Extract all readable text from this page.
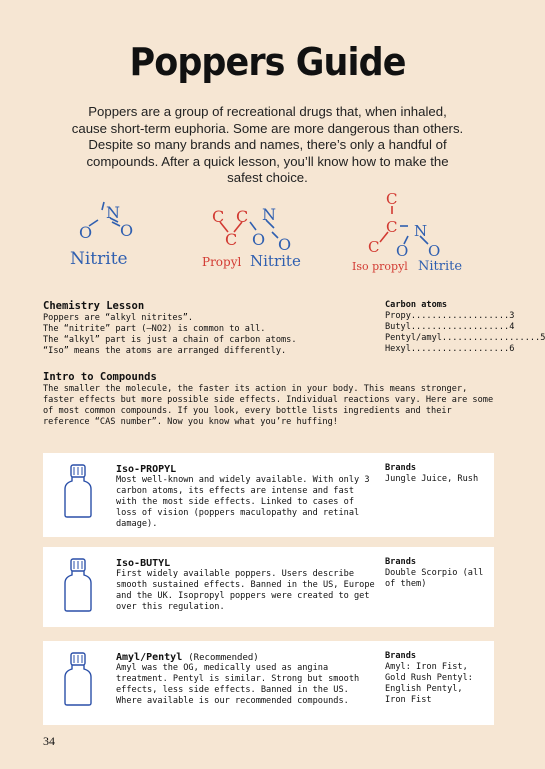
Poppers Guide
Poppers are a group of recreational drugs that, when inhaled, cause short-term euphoria. Some are more dangerous than others. Despite so many brands and names, there’s only a handful of compounds. After a quick lesson, you’ll know how to make the safest choice.
N
O O
Nitrite
C C
C
N
O O
Propyl Nitrite
C
C
C
N
O O
Iso propyl Nitrite
Chemistry Lesson
Poppers are “alkyl nitrites”.
The “nitrite” part (—NO2) is common to all.
The “alkyl” part is just a chain of carbon atoms.
“Iso” means the atoms are arranged differently.
Carbon atoms
Propy ................... 3
Butyl ................... 4
Pentyl/amyl ................... 5
Hexyl ................... 6
Intro to Compounds
The smaller the molecule, the faster its action in your body. This means stronger, faster effects but more possible side effects. Individual reactions vary. Here are some of most common compounds. If you look, every bottle lists ingredients and their reference “CAS number”. Now you know what you’re huffing!
Iso-PROPYL
Most well-known and widely available. With only 3 carbon atoms, its effects are intense and fast with the most side effects. Linked to cases of loss of vision (poppers maculopathy and retinal damage).
Brands
Jungle Juice, Rush
Iso-BUTYL
First widely available poppers. Users describe smooth sustained effects. Banned in the US, Europe and the UK. Isopropyl poppers were created to get over this regulation.
Brands
Double Scorpio (all of them)
Amyl/Pentyl (Recommended)
Amyl was the OG, medically used as angina treatment. Pentyl is similar. Strong but smooth effects, less side effects. Banned in the US. Where available is our recommended compounds.
Brands
Amyl: Iron Fist, Gold Rush Pentyl: English Pentyl, Iron Fist
34
